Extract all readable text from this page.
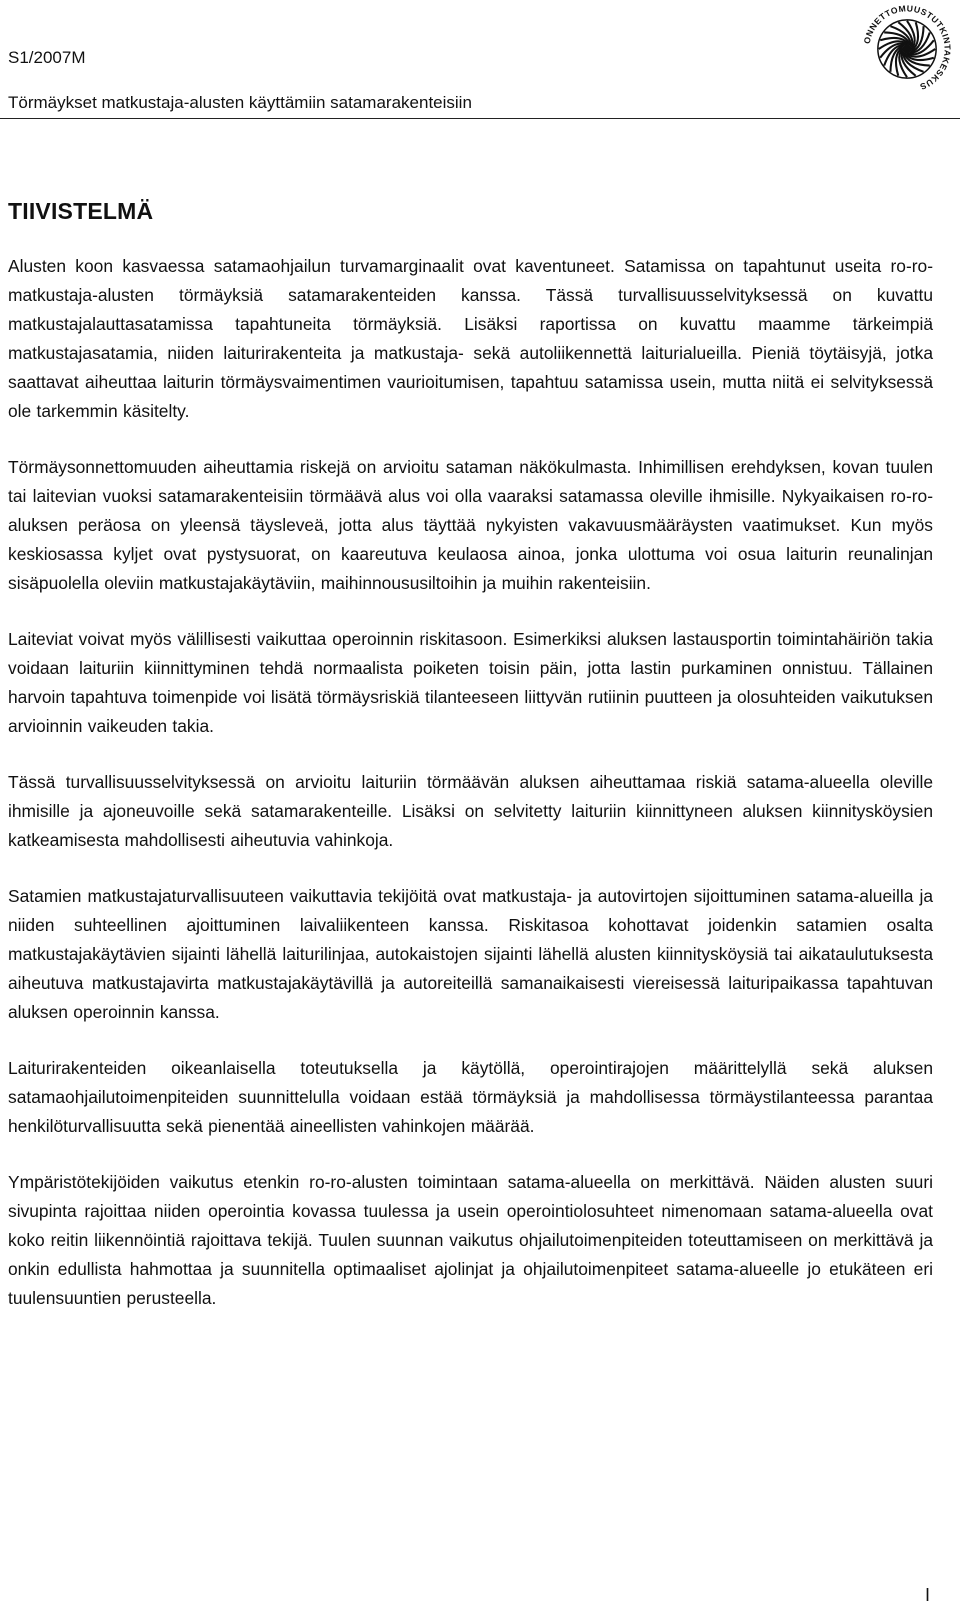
S1/2007M
Törmäykset matkustaja-alusten käyttämiin satamarakenteisiin
ONNETTOMUUSTUTKINTAKESKUS
TIIVISTELMÄ

Alusten koon kasvaessa satamaohjailun turvamarginaalit ovat kaventuneet. Satamissa on tapahtunut useita ro-ro-matkustaja-alusten törmäyksiä satamarakenteiden kanssa. Tässä turvallisuusselvityksessä on kuvattu matkustajalauttasatamissa tapahtuneita törmäyksiä. Lisäksi raportissa on kuvattu maamme tärkeimpiä matkustajasatamia, niiden laiturirakenteita ja matkustaja- sekä autoliikennettä laiturialueilla. Pieniä töytäisyjä, jotka saattavat aiheuttaa laiturin törmäysvaimentimen vaurioitumisen, tapahtuu satamissa usein, mutta niitä ei selvityksessä ole tarkemmin käsitelty.

Törmäysonnettomuuden aiheuttamia riskejä on arvioitu sataman näkökulmasta. Inhimillisen erehdyksen, kovan tuulen tai laitevian vuoksi satamarakenteisiin törmäävä alus voi olla vaaraksi satamassa oleville ihmisille. Nykyaikaisen ro-ro-aluksen peräosa on yleensä täysleveä, jotta alus täyttää nykyisten vakavuusmääräysten vaatimukset. Kun myös keskiosassa kyljet ovat pystysuorat, on kaareutuva keulaosa ainoa, jonka ulottuma voi osua laiturin reunalinjan sisäpuolella oleviin matkustajakäytäviin, maihinnoususiltoihin ja muihin rakenteisiin.

Laiteviat voivat myös välillisesti vaikuttaa operoinnin riskitasoon. Esimerkiksi aluksen lastausportin toimintahäiriön takia voidaan laituriin kiinnittyminen tehdä normaalista poiketen toisin päin, jotta lastin purkaminen onnistuu. Tällainen harvoin tapahtuva toimenpide voi lisätä törmäysriskiä tilanteeseen liittyvän rutiinin puutteen ja olosuhteiden vaikutuksen arvioinnin vaikeuden takia.

Tässä turvallisuusselvityksessä on arvioitu laituriin törmäävän aluksen aiheuttamaa riskiä satama-alueella oleville ihmisille ja ajoneuvoille sekä satamarakenteille. Lisäksi on selvitetty laituriin kiinnittyneen aluksen kiinnitysköysien katkeamisesta mahdollisesti aiheutuvia vahinkoja.

Satamien matkustajaturvallisuuteen vaikuttavia tekijöitä ovat matkustaja- ja autovirtojen sijoittuminen satama-alueilla ja niiden suhteellinen ajoittuminen laivaliikenteen kanssa. Riskitasoa kohottavat joidenkin satamien osalta matkustajakäytävien sijainti lähellä laiturilinjaa, autokaistojen sijainti lähellä alusten kiinnitysköysiä tai aikataulutuksesta aiheutuva matkustajavirta matkustajakäytävillä ja autoreiteillä samanaikaisesti viereisessä laituripaikassa tapahtuvan aluksen operoinnin kanssa.

Laiturirakenteiden oikeanlaisella toteutuksella ja käytöllä, operointirajojen määrittelyllä sekä aluksen satamaohjailutoimenpiteiden suunnittelulla voidaan estää törmäyksiä ja mahdollisessa törmäystilanteessa parantaa henkilöturvallisuutta sekä pienentää aineellisten vahinkojen määrää.

Ympäristötekijöiden vaikutus etenkin ro-ro-alusten toimintaan satama-alueella on merkittävä. Näiden alusten suuri sivupinta rajoittaa niiden operointia kovassa tuulessa ja usein operointiolosuhteet nimenomaan satama-alueella ovat koko reitin liikennöintiä rajoittava tekijä. Tuulen suunnan vaikutus ohjailutoimenpiteiden toteuttamiseen on merkittävä ja onkin edullista hahmottaa ja suunnitella optimaaliset ajolinjat ja ohjailutoimenpiteet satama-alueelle jo etukäteen eri tuulensuuntien perusteella.

I
